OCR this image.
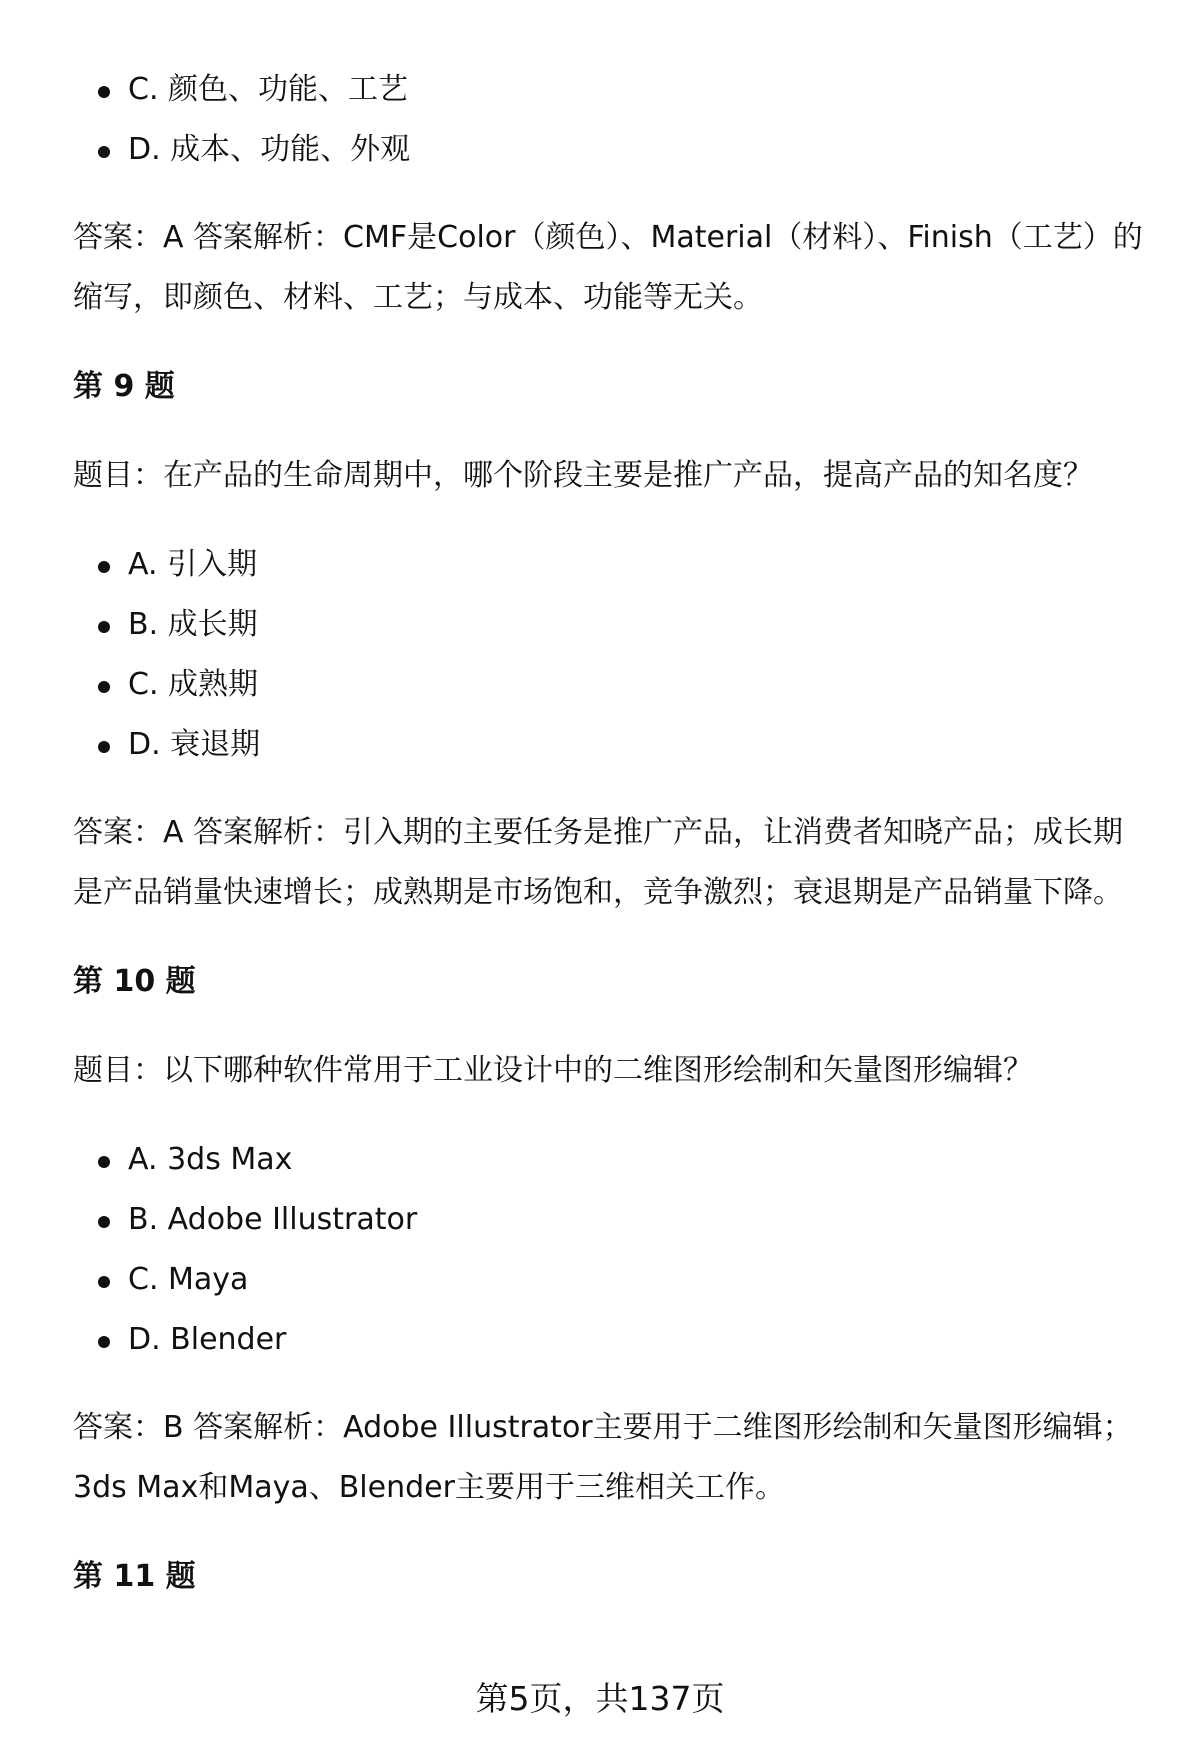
C. 颜色、功能、工艺
D. 成本、功能、外观
答案：A 答案解析：CMF是Color（颜色）、Material（材料）、Finish（工艺）的缩写，即颜色、材料、工艺；与成本、功能等无关。
第 9 题
题目：在产品的生命周期中，哪个阶段主要是推广产品，提高产品的知名度？
A. 引入期
B. 成长期
C. 成熟期
D. 衰退期
答案：A 答案解析：引入期的主要任务是推广产品，让消费者知晓产品；成长期是产品销量快速增长；成熟期是市场饱和，竞争激烈；衰退期是产品销量下降。
第 10 题
题目：以下哪种软件常用于工业设计中的二维图形绘制和矢量图形编辑？
A. 3ds Max
B. Adobe Illustrator
C. Maya
D. Blender
答案：B 答案解析：Adobe Illustrator主要用于二维图形绘制和矢量图形编辑；3ds Max和Maya、Blender主要用于三维相关工作。
第 11 题
第5页，共137页
